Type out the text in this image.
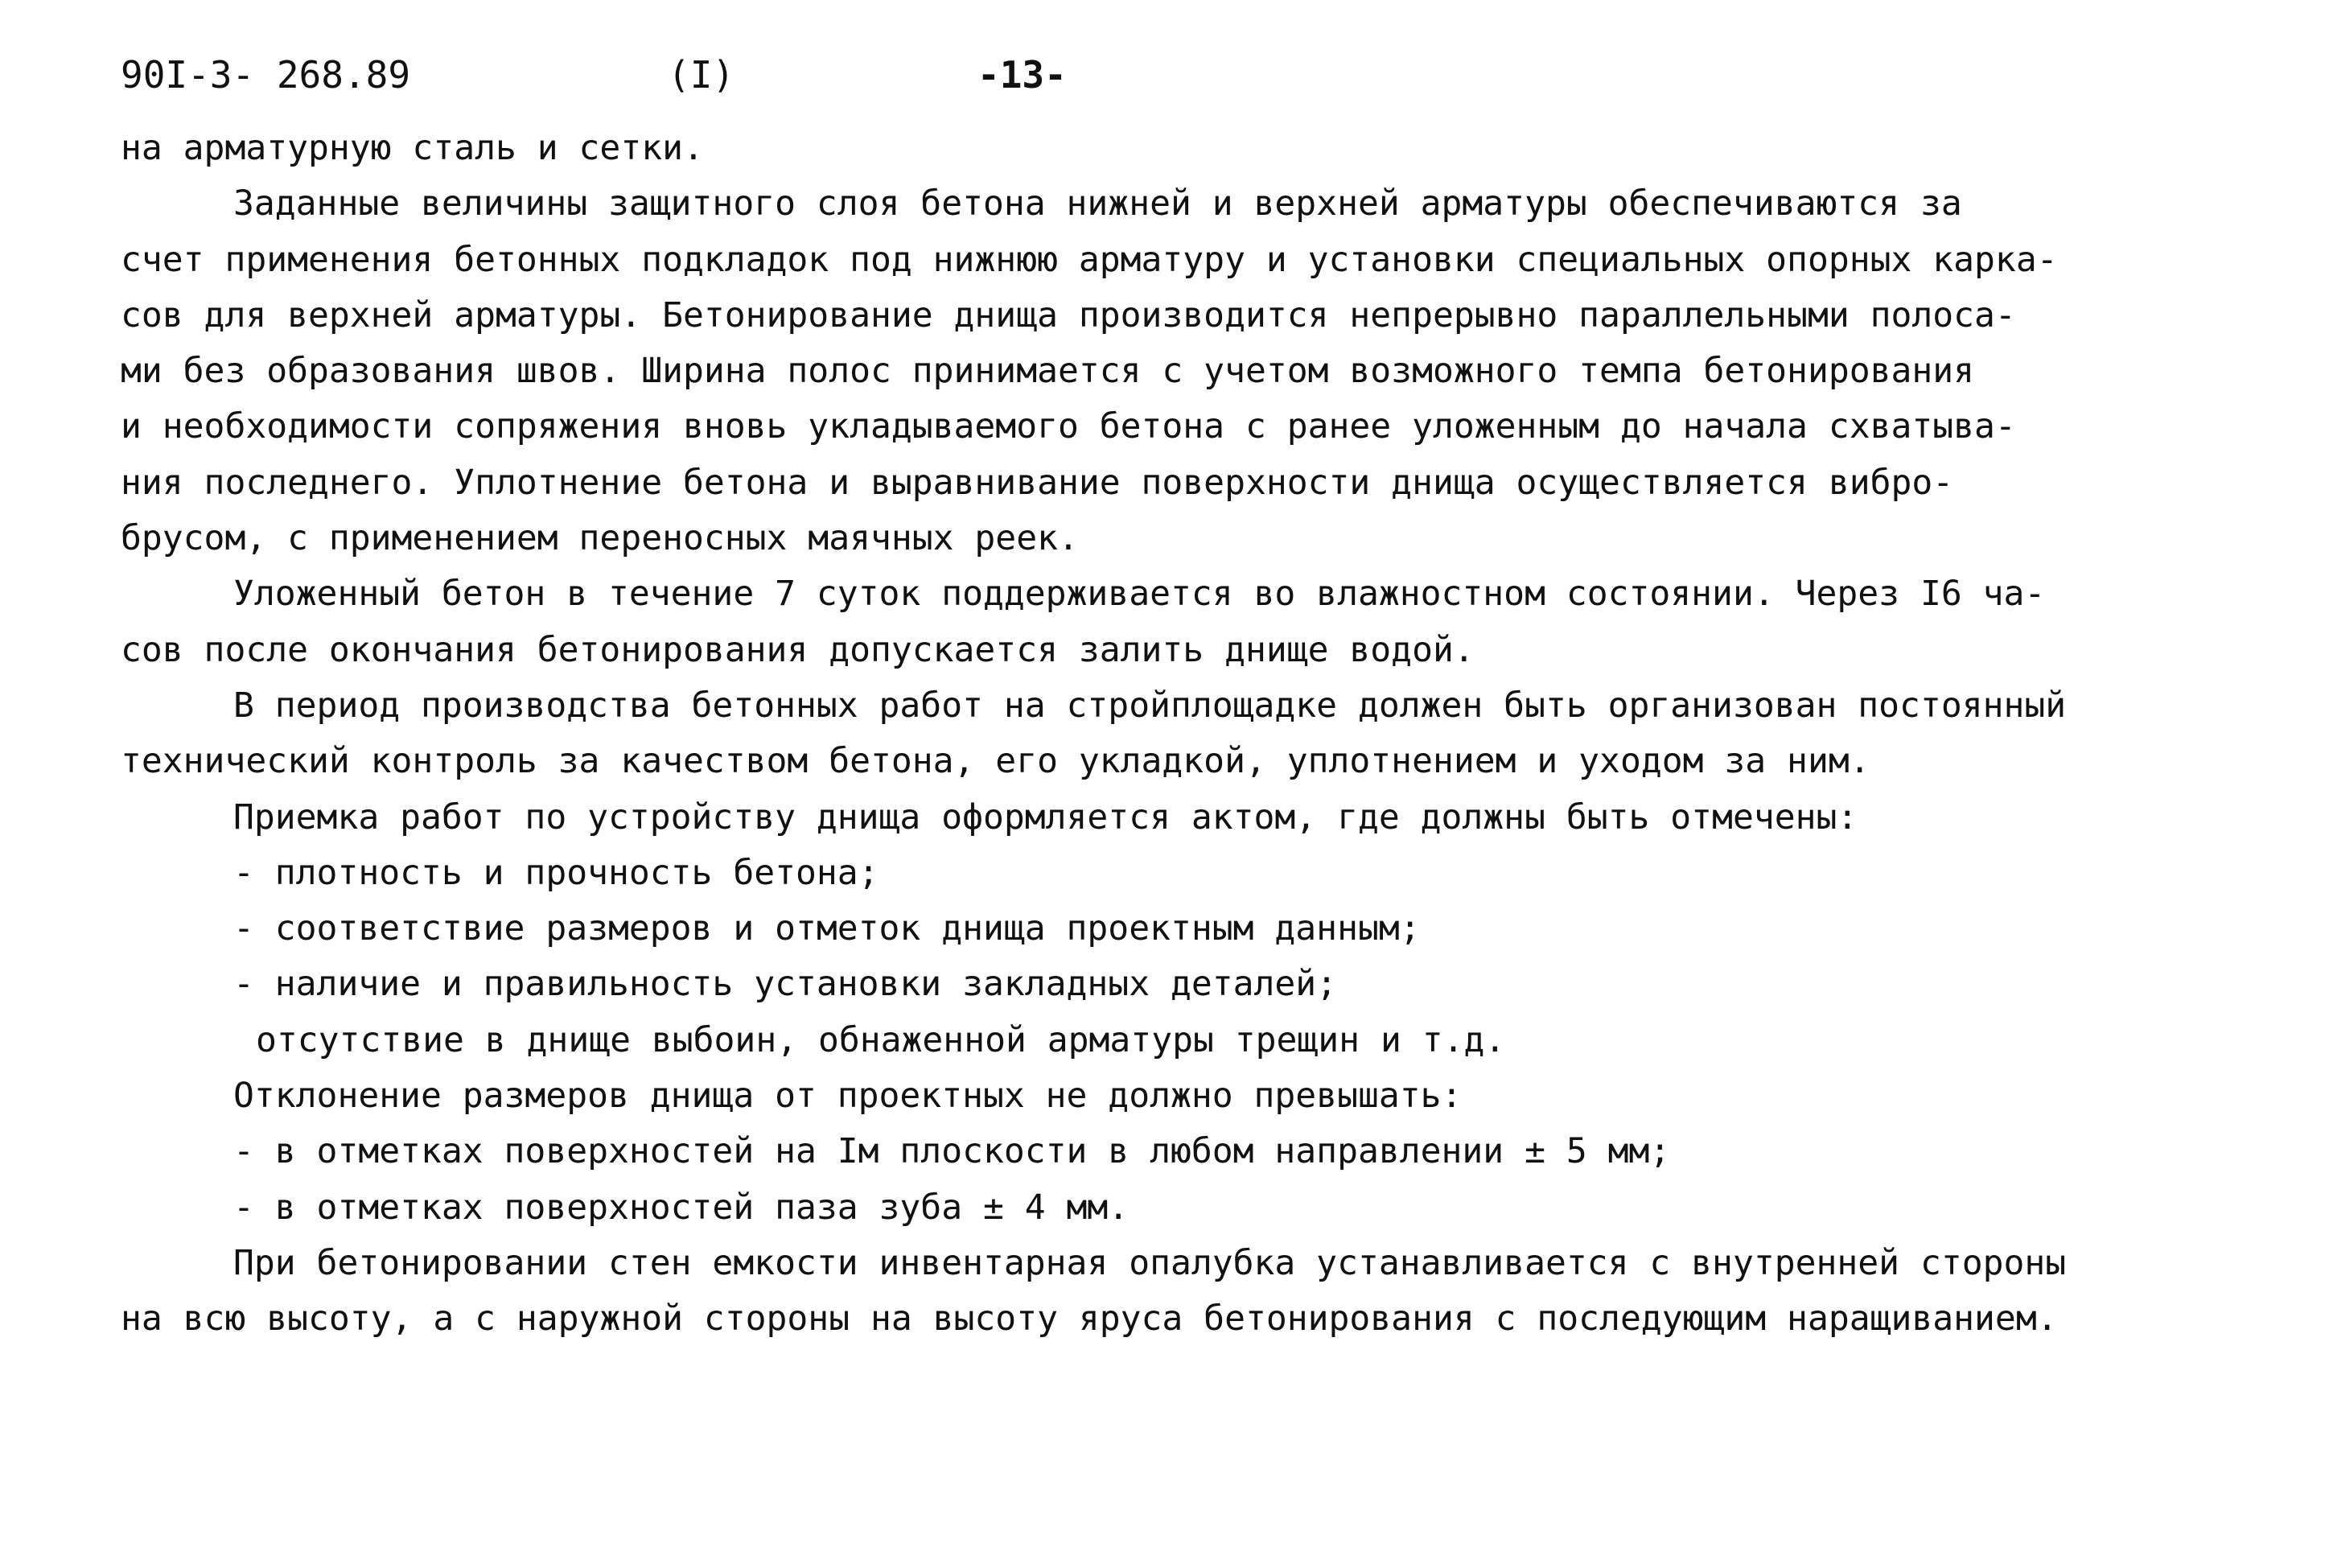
90I-3- 268.89	(I)	-13-
на арматурную сталь и сетки.
Заданные величины защитного слоя бетона нижней и верхней арматуры обеспечиваются за
счет применения бетонных подкладок под нижнюю арматуру и установки специальных опорных карка-
сов для верхней арматуры. Бетонирование днища производится непрерывно параллельными полоса-
ми без образования швов. Ширина полос принимается с учетом возможного темпа бетонирования
и необходимости сопряжения вновь укладываемого бетона с ранее уложенным до начала схватыва-
ния последнего. Уплотнение бетона и выравнивание поверхности днища осуществляется вибро-
брусом, с применением переносных маячных реек.
Уложенный бетон в течение 7 суток поддерживается во влажностном состоянии. Через I6 ча-
сов после окончания бетонирования допускается залить днище водой.
В период производства бетонных работ на стройплощадке должен быть организован постоянный
технический контроль за качеством бетона, его укладкой, уплотнением и уходом за ним.
Приемка работ по устройству днища оформляется актом, где должны быть отмечены:
- плотность и прочность бетона;
- соответствие размеров и отметок днища проектным данным;
- наличие и правильность установки закладных деталей;
отсутствие в днище выбоин, обнаженной арматуры трещин и т.д.
Отклонение размеров днища от проектных не должно превышать:
- в отметках поверхностей на Iм плоскости в любом направлении ± 5 мм;
- в отметках поверхностей паза зуба ± 4 мм.
При бетонировании стен емкости инвентарная опалубка устанавливается с внутренней стороны
на всю высоту, а с наружной стороны на высоту яруса бетонирования с последующим наращиванием.
